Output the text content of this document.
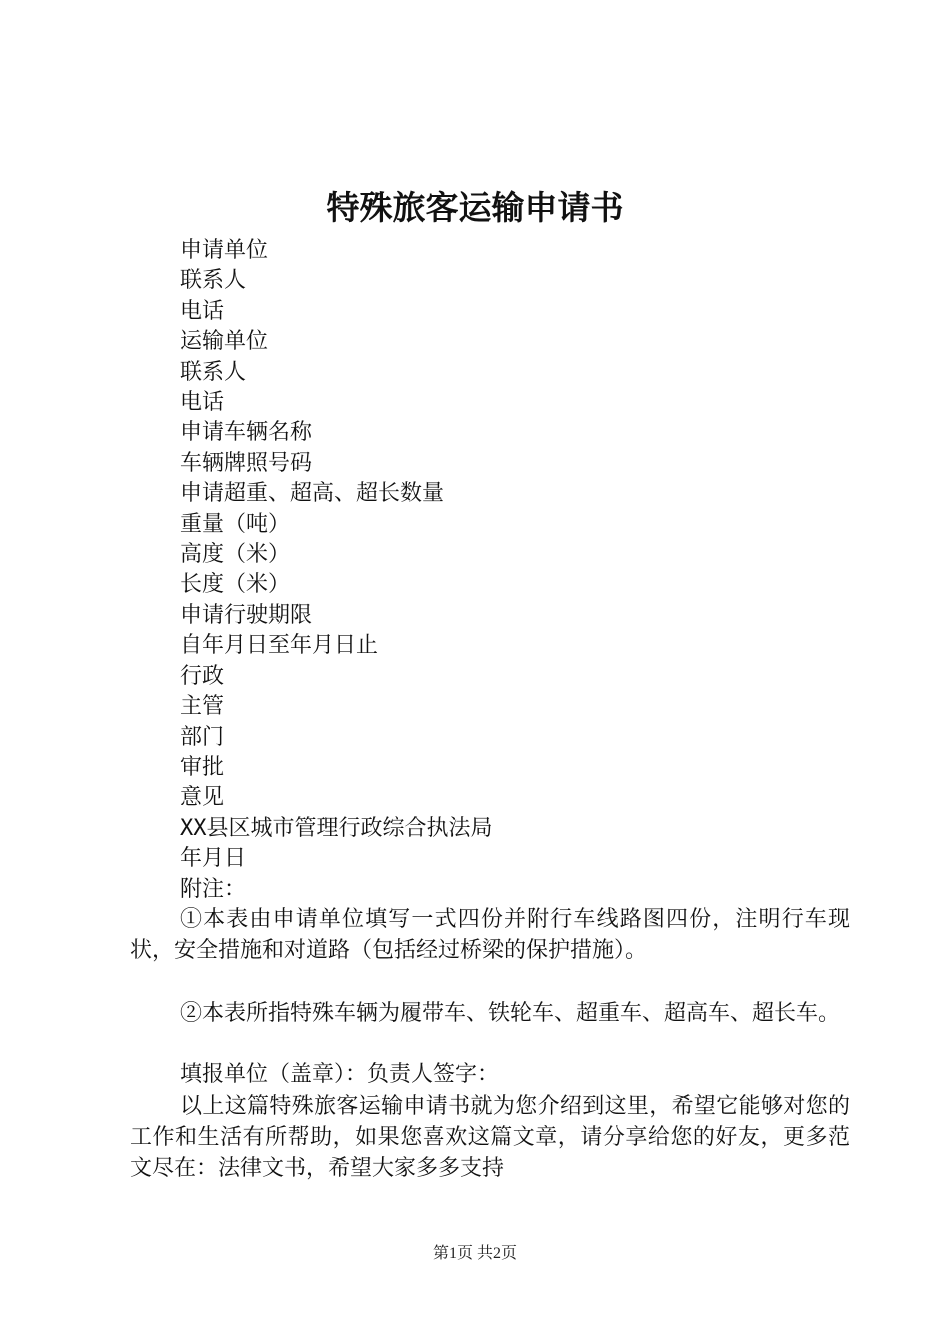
特殊旅客运输申请书
申请单位
联系人
电话
运输单位
联系人
电话
申请车辆名称
车辆牌照号码
申请超重、超高、超长数量
重量（吨）
高度（米）
长度（米）
申请行驶期限
自年月日至年月日止
行政
主管
部门
审批
意见
XX县区城市管理行政综合执法局
年月日
附注：

①本表由申请单位填写一式四份并附行车线路图四份，注明行车现状，安全措施和对道路（包括经过桥梁的保护措施）。

②本表所指特殊车辆为履带车、铁轮车、超重车、超高车、超长车。

填报单位（盖章）：负责人签字：

以上这篇特殊旅客运输申请书就为您介绍到这里，希望它能够对您的工作和生活有所帮助，如果您喜欢这篇文章，请分享给您的好友，更多范文尽在：法律文书，希望大家多多支持

第1页 共2页
